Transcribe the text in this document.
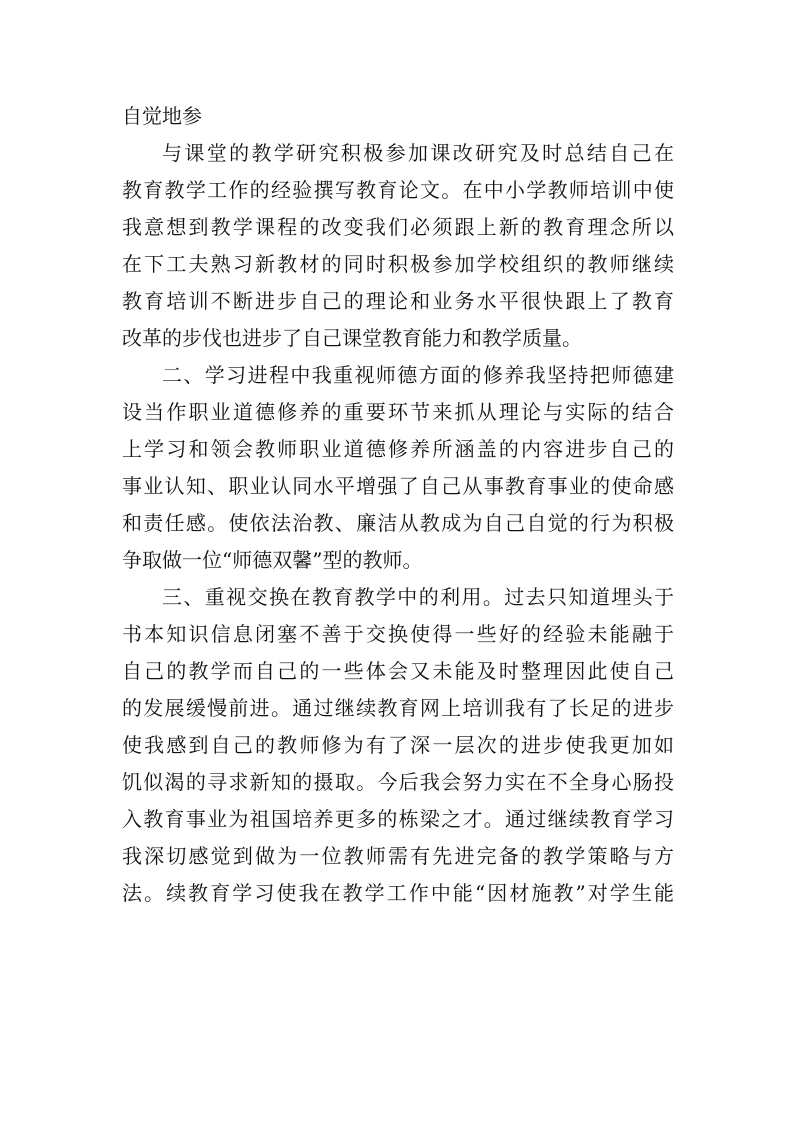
自觉地参
与课堂的教学研究积极参加课改研究及时总结自己在
教育教学工作的经验撰写教育论文。在中小学教师培训中使
我意想到教学课程的改变我们必须跟上新的教育理念所以
在下工夫熟习新教材的同时积极参加学校组织的教师继续
教育培训不断进步自己的理论和业务水平很快跟上了教育
改革的步伐也进步了自己课堂教育能力和教学质量。
二、学习进程中我重视师德方面的修养我坚持把师德建
设当作职业道德修养的重要环节来抓从理论与实际的结合
上学习和领会教师职业道德修养所涵盖的内容进步自己的
事业认知、职业认同水平增强了自己从事教育事业的使命感
和责任感。使依法治教、廉洁从教成为自己自觉的行为积极
争取做一位“师德双馨”型的教师。
三、重视交换在教育教学中的利用。过去只知道埋头于
书本知识信息闭塞不善于交换使得一些好的经验未能融于
自己的教学而自己的一些体会又未能及时整理因此使自己
的发展缓慢前进。通过继续教育网上培训我有了长足的进步
使我感到自己的教师修为有了深一层次的进步使我更加如
饥似渴的寻求新知的摄取。今后我会努力实在不全身心肠投
入教育事业为祖国培养更多的栋梁之才。通过继续教育学习
我深切感觉到做为一位教师需有先进完备的教学策略与方
法。续教育学习使我在教学工作中能“因材施教”对学生能
